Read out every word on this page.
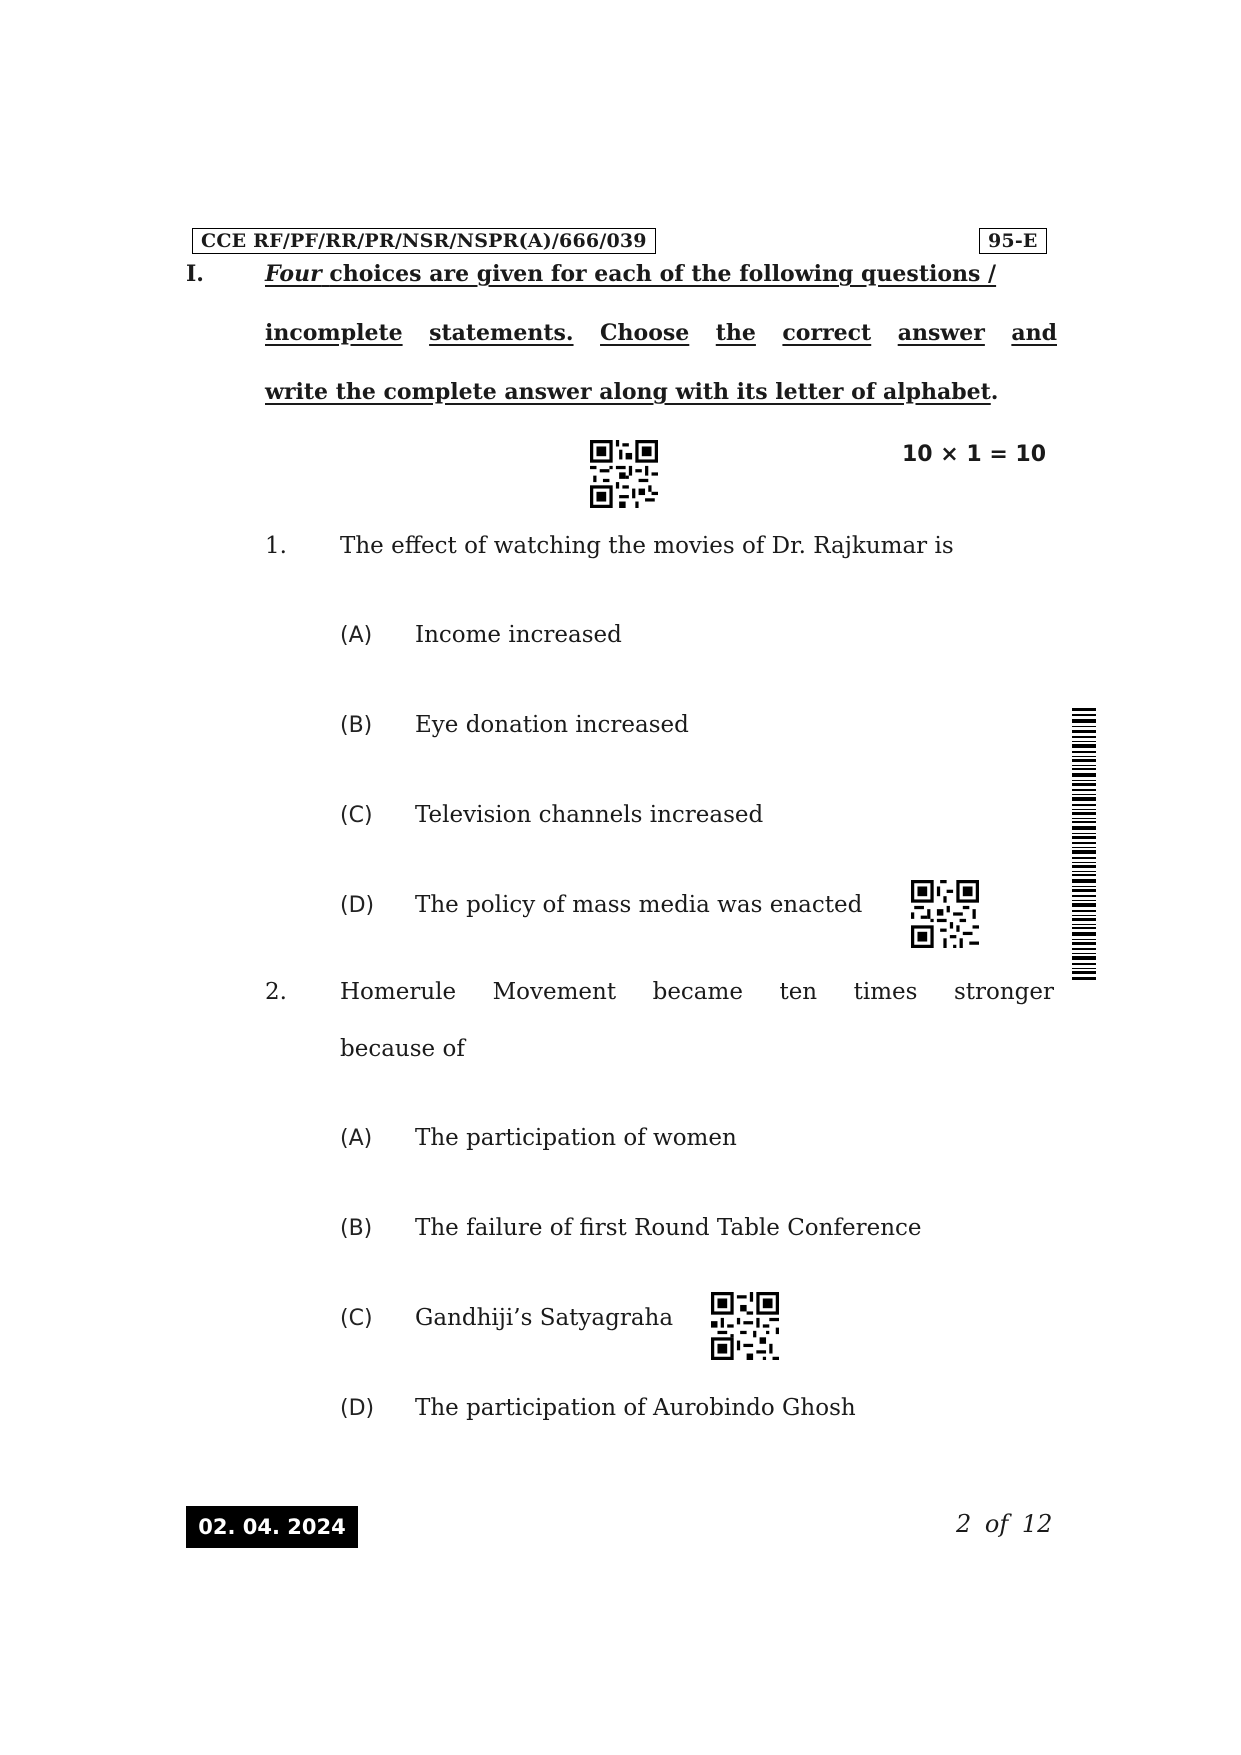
CCE RF/PF/RR/PR/NSR/NSPR(A)/666/039	95-E
I.	Four choices are given for each of the following questions /
incomplete statements. Choose the correct answer and
write the complete answer along with its letter of alphabet.
10 × 1 = 10
1. The effect of watching the movies of Dr. Rajkumar is
(A) Income increased
(B) Eye donation increased
(C) Television channels increased
(D) The policy of mass media was enacted
2. Homerule Movement became ten times stronger
because of
(A) The participation of women
(B) The failure of first Round Table Conference
(C) Gandhiji’s Satyagraha
(D) The participation of Aurobindo Ghosh
02. 04. 2024	2 of 12
